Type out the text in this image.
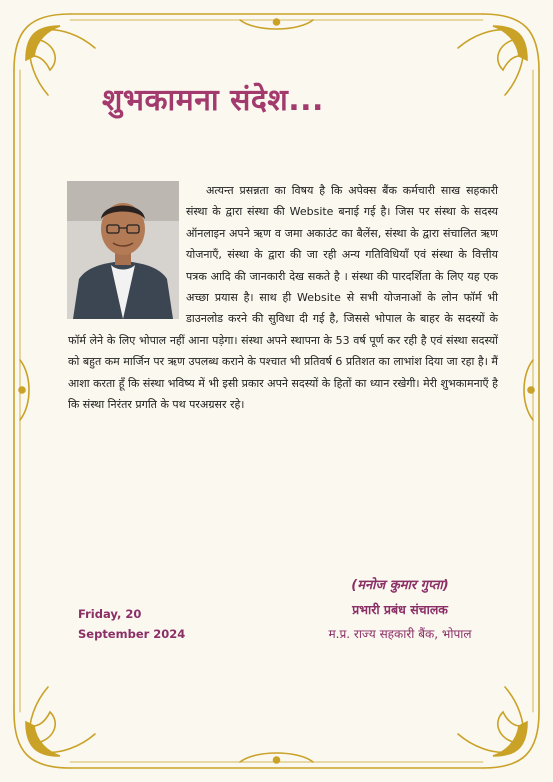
शुभकामना संदेश...

अत्यन्त प्रसन्नता का विषय है कि अपेक्स बैंक कर्मचारी साख सहकारी संस्था के द्वारा संस्था की Website बनाई गई है। जिस पर संस्था के सदस्य ऑनलाइन अपने ऋण व जमा अकाउंट का बैलेंस, संस्था के द्वारा संचालित ऋण योजनाएँ, संस्था के द्वारा की जा रही अन्य गतिविधियाँ एवं संस्था के वित्तीय पत्रक आदि की जानकारी देख सकते है । संस्था की पारदर्शिता के लिए यह एक अच्छा प्रयास है। साथ ही Website से सभी योजनाओं के लोन फॉर्म भी डाउनलोड करने की सुविधा दी गई है, जिससे भोपाल के बाहर के सदस्यों के फॉर्म लेने के लिए भोपाल नहीं आना पड़ेगा। संस्था अपने स्थापना के 53 वर्ष पूर्ण कर रही है एवं संस्था सदस्यों को बहुत कम मार्जिन पर ऋण उपलब्ध कराने के पश्चात भी प्रतिवर्ष 6 प्रतिशत का लाभांश दिया जा रहा है। मैं आशा करता हूँ कि संस्था भविष्य में भी इसी प्रकार अपने सदस्यों के हितों का ध्यान रखेगी। मेरी शुभकामनाएँ है कि संस्था निरंतर प्रगति के पथ परअग्रसर रहे।

Friday, 20 September 2024
(मनोज कुमार गुप्ता)
प्रभारी प्रबंध संचालक
म.प्र. राज्य सहकारी बैंक, भोपाल
